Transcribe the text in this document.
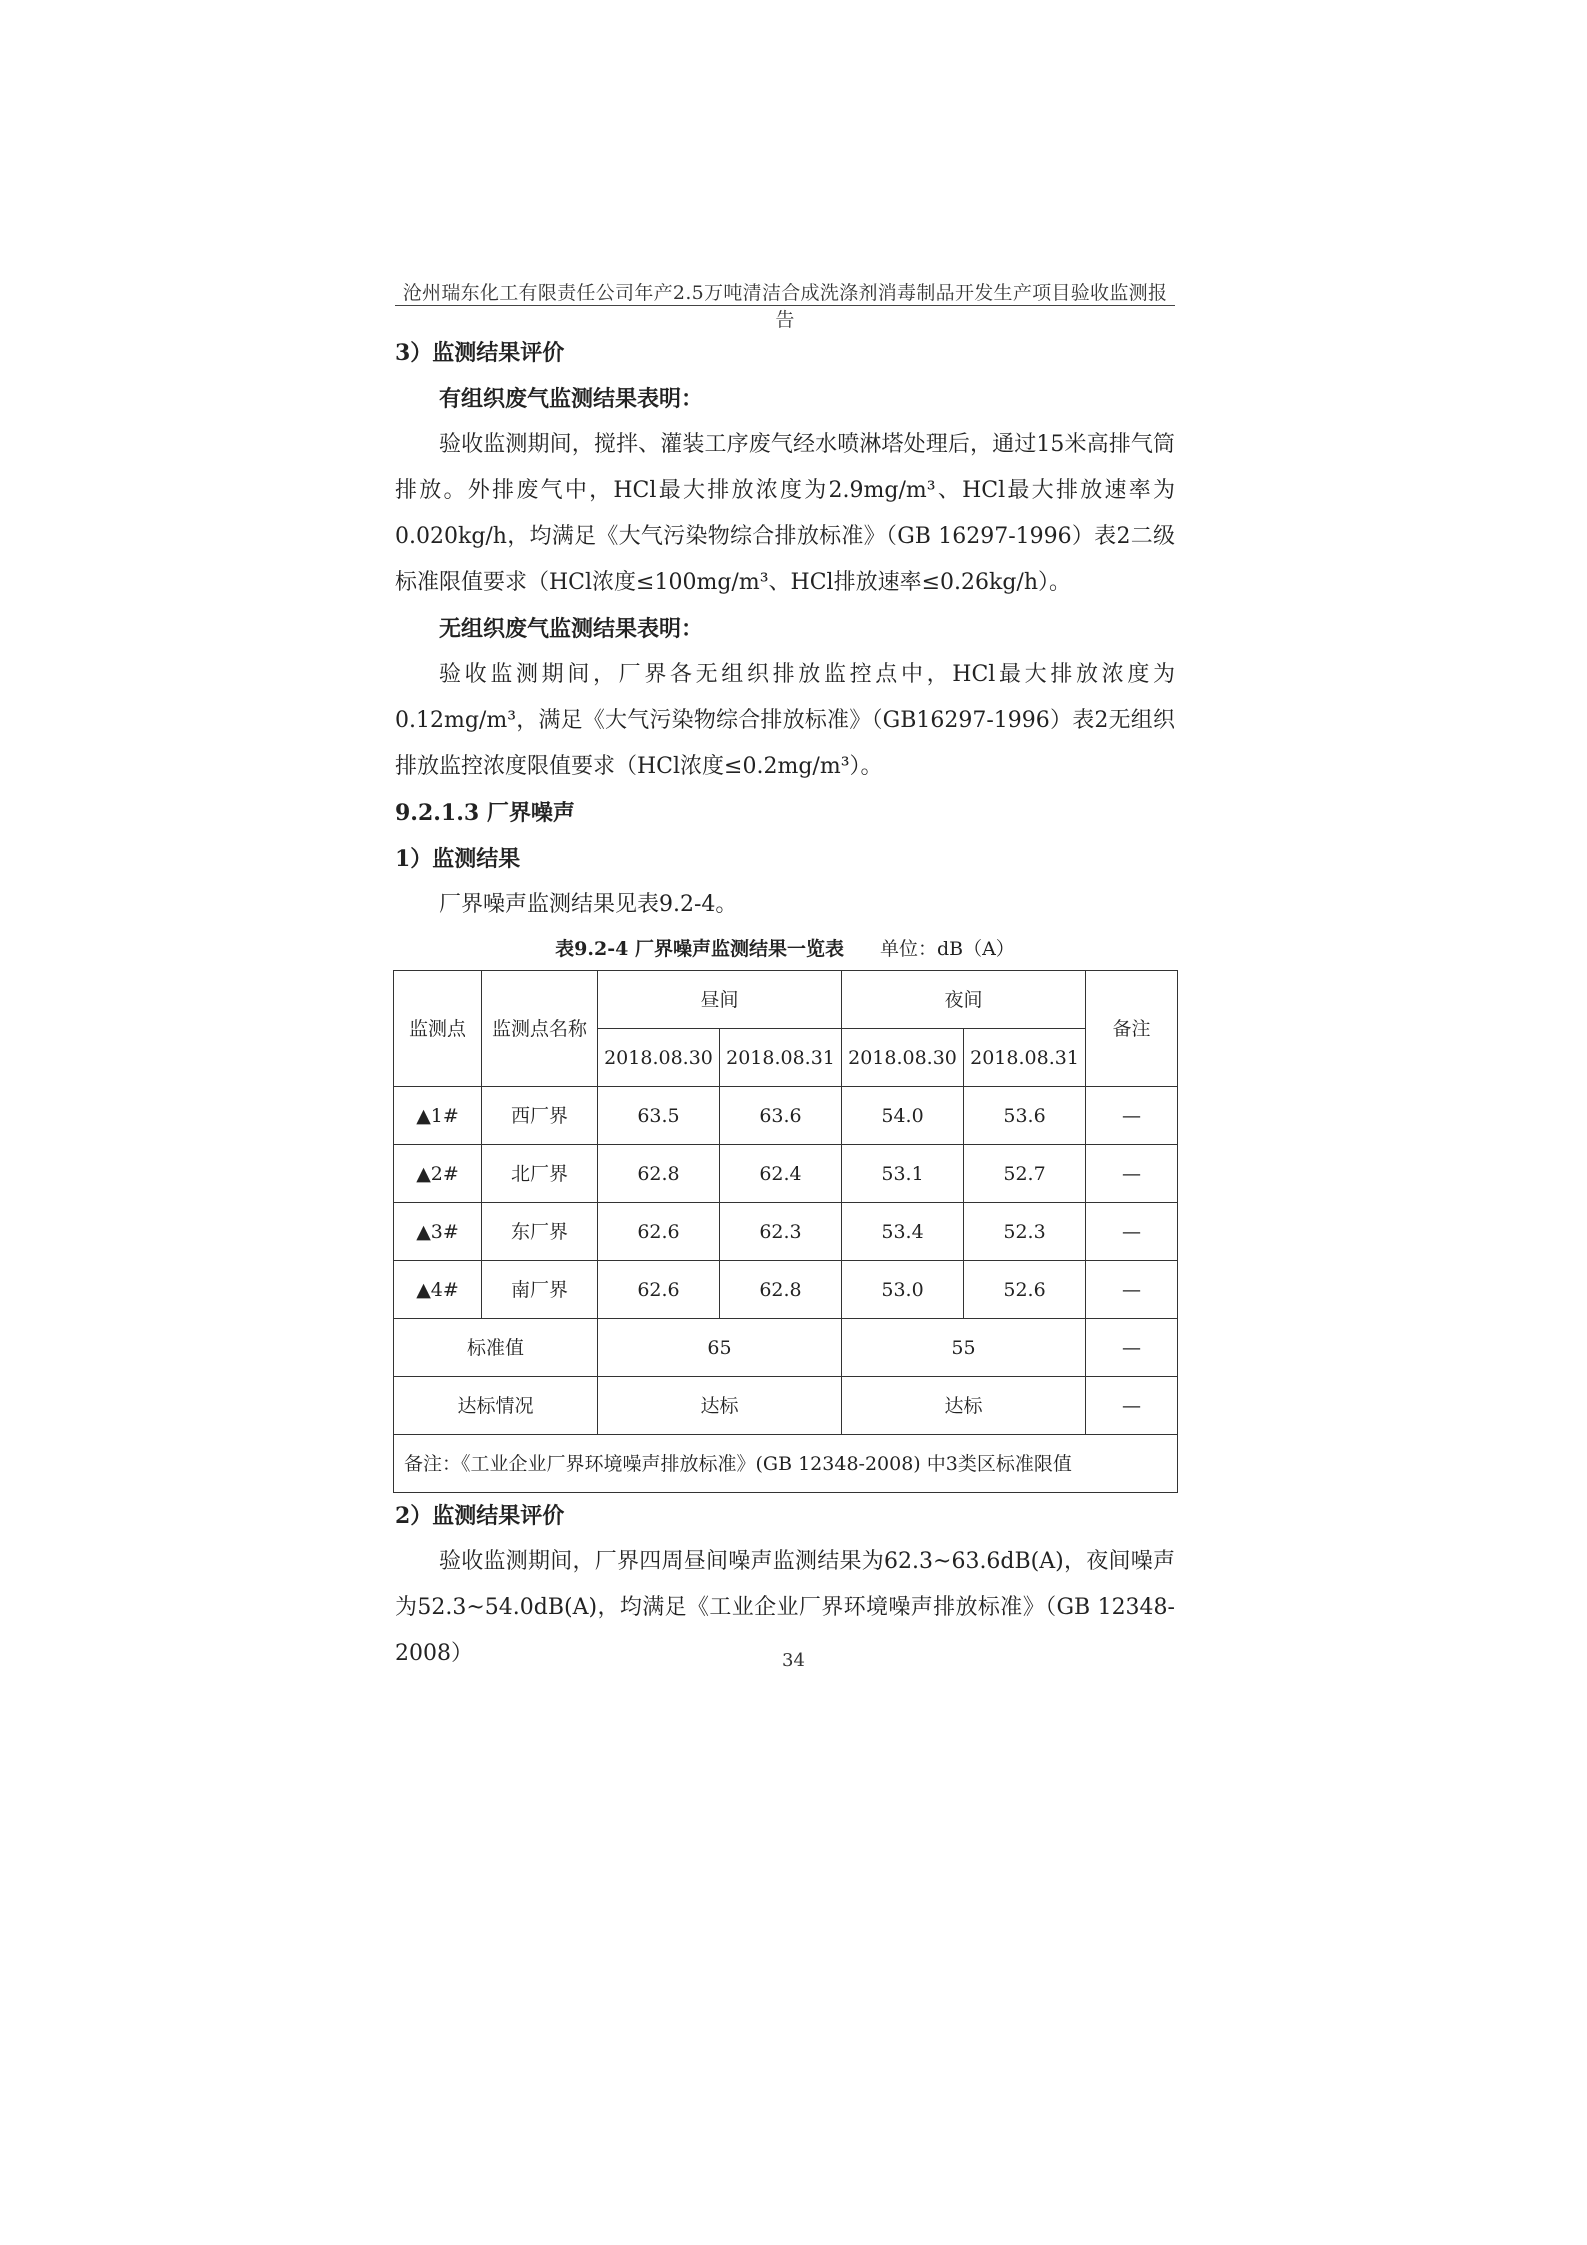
沧州瑞东化工有限责任公司年产2.5万吨清洁合成洗涤剂消毒制品开发生产项目验收监测报告

3）监测结果评价

有组织废气监测结果表明：

验收监测期间，搅拌、灌装工序废气经水喷淋塔处理后，通过15米高排气筒排放。外排废气中，HCl最大排放浓度为2.9mg/m³、HCl最大排放速率为0.020kg/h，均满足《大气污染物综合排放标准》（GB 16297-1996）表2二级标准限值要求（HCl浓度≤100mg/m³、HCl排放速率≤0.26kg/h）。

无组织废气监测结果表明：

验收监测期间，厂界各无组织排放监控点中，HCl最大排放浓度为0.12mg/m³，满足《大气污染物综合排放标准》（GB16297-1996）表2无组织排放监控浓度限值要求（HCl浓度≤0.2mg/m³）。

9.2.1.3 厂界噪声

1）监测结果

厂界噪声监测结果见表9.2-4。

表9.2-4 厂界噪声监测结果一览表 单位：dB（A）
监测点	监测点名称	昼间		夜间		备注
		2018.08.30	2018.08.31	2018.08.30	2018.08.31	
▲1#	西厂界	63.5	63.6	54.0	53.6	—
▲2#	北厂界	62.8	62.4	53.1	52.7	—
▲3#	东厂界	62.6	62.3	53.4	52.3	—
▲4#	南厂界	62.6	62.8	53.0	52.6	—
标准值		65		55		—
达标情况		达标		达标		—
备注：《工业企业厂界环境噪声排放标准》(GB 12348-2008) 中3类区标准限值						

2）监测结果评价

验收监测期间，厂界四周昼间噪声监测结果为62.3~63.6dB(A)，夜间噪声为52.3~54.0dB(A)，均满足《工业企业厂界环境噪声排放标准》（GB 12348-2008）	34
